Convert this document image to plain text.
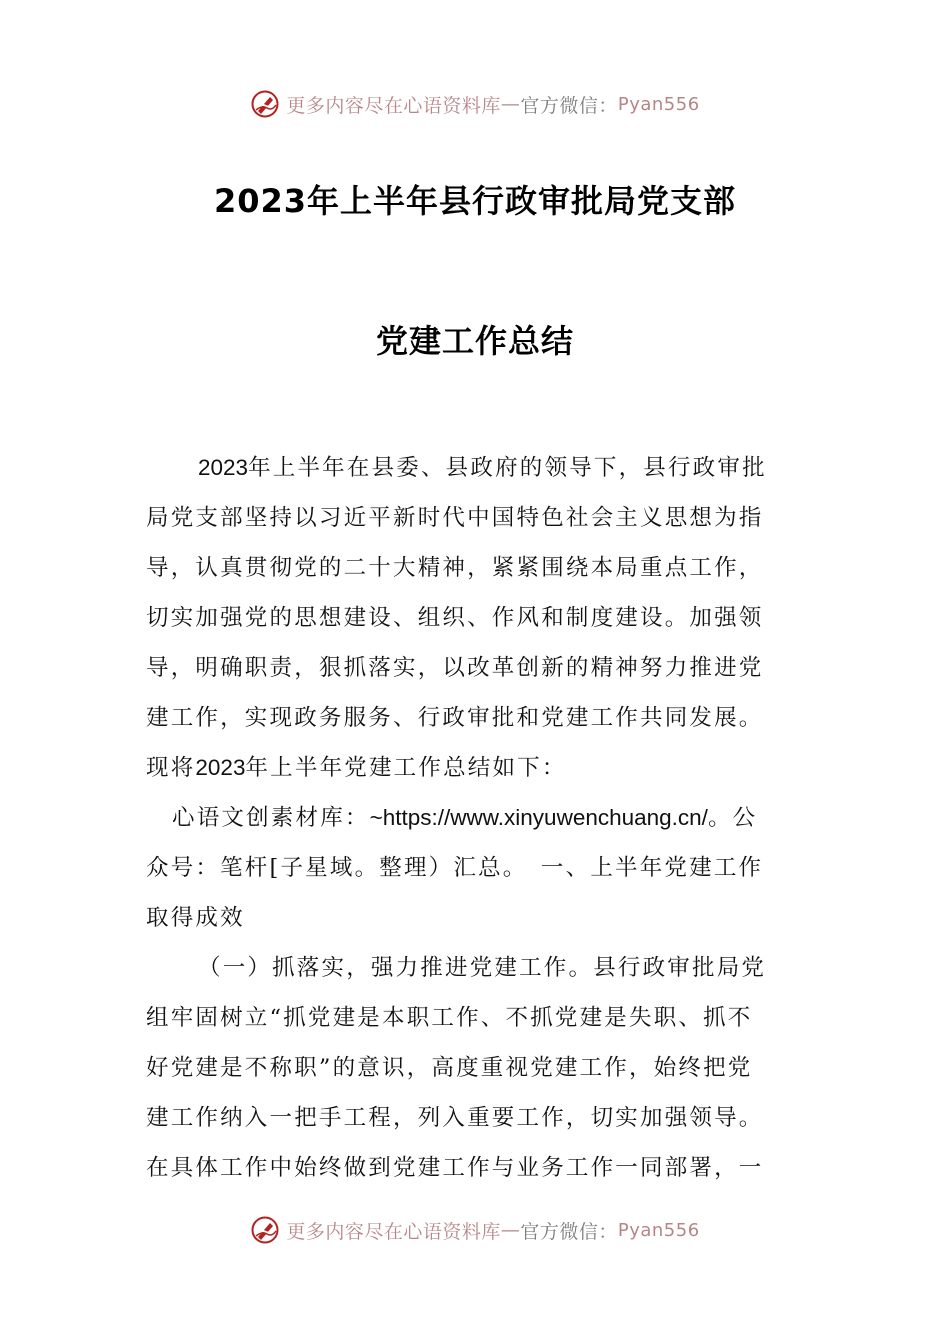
更多内容尽在心语资料库 — 官方微信： Pyan556
2023年上半年县行政审批局党支部
党建工作总结

2023年上半年在县委、县政府的领导下，县行政审批
局党支部坚持以习近平新时代中国特色社会主义思想为指
导，认真贯彻党的二十大精神，紧紧围绕本局重点工作，
切实加强党的思想建设、组织、作风和制度建设。加强领
导，明确职责，狠抓落实，以改革创新的精神努力推进党
建工作，实现政务服务、行政审批和党建工作共同发展。
现将2023年上半年党建工作总结如下：

心语文创素材库：~https://www.xinyuwenchuang.cn/。公
众号：笔杆[子星域。整理）汇总。　一、上半年党建工作
取得成效

（一）抓落实，强力推进党建工作。县行政审批局党
组牢固树立“抓党建是本职工作、不抓党建是失职、抓不
好党建是不称职”的意识，高度重视党建工作，始终把党
建工作纳入一把手工程，列入重要工作，切实加强领导。
在具体工作中始终做到党建工作与业务工作一同部署，一

更多内容尽在心语资料库 — 官方微信： Pyan556
